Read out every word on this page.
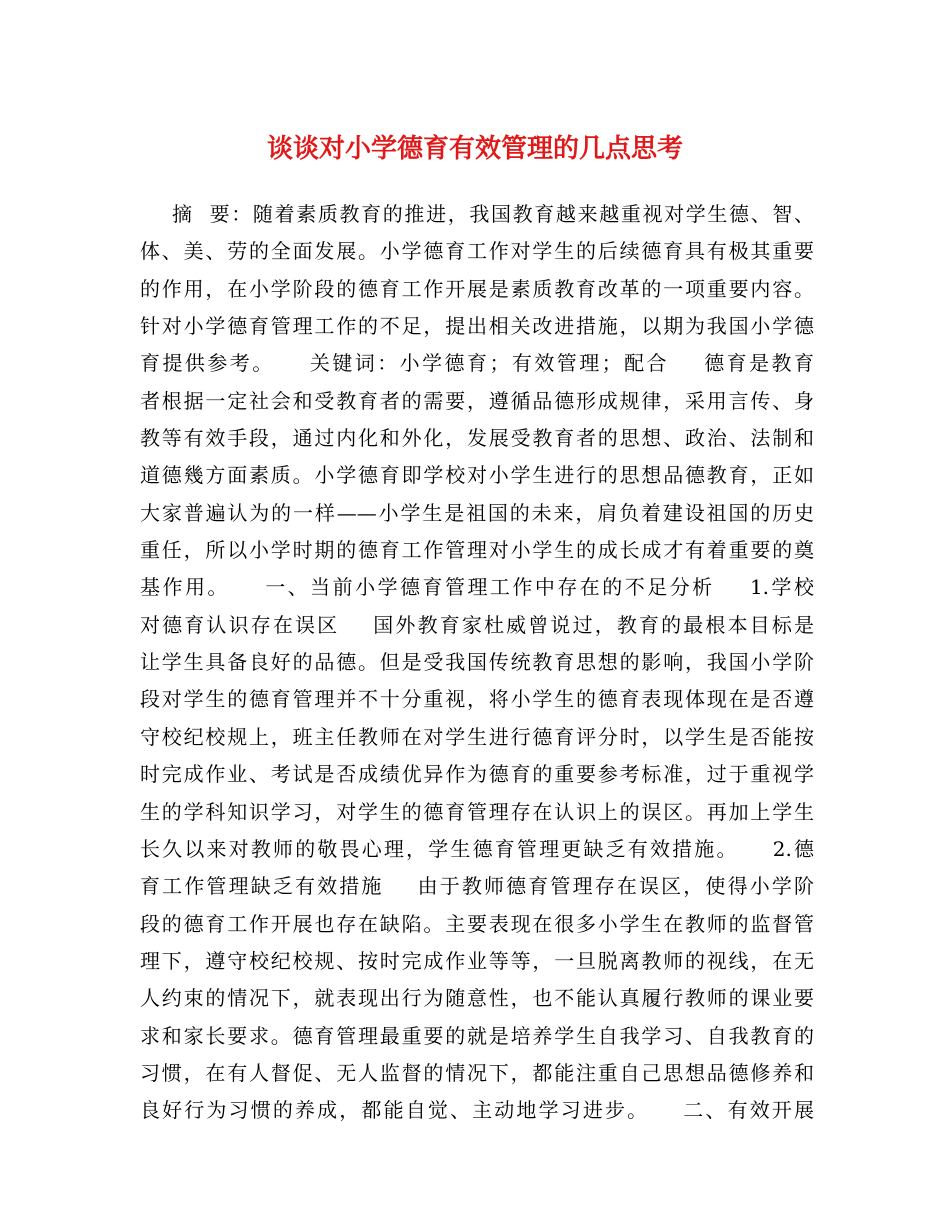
谈谈对小学德育有效管理的几点思考
摘  要：随着素质教育的推进，我国教育越来越重视对学生德、智、
体、美、劳的全面发展。小学德育工作对学生的后续德育具有极其重要
的作用，在小学阶段的德育工作开展是素质教育改革的一项重要内容。
针对小学德育管理工作的不足，提出相关改进措施，以期为我国小学德
育提供参考。    关键词：小学德育；有效管理；配合    德育是教育
者根据一定社会和受教育者的需要，遵循品德形成规律，采用言传、身
教等有效手段，通过内化和外化，发展受教育者的思想、政治、法制和
道德幾方面素质。小学德育即学校对小学生进行的思想品德教育，正如
大家普遍认为的一样——小学生是祖国的未来，肩负着建设祖国的历史
重任，所以小学时期的德育工作管理对小学生的成长成才有着重要的奠
基作用。    一、当前小学德育管理工作中存在的不足分析    1.学校
对德育认识存在误区    国外教育家杜威曾说过，教育的最根本目标是
让学生具备良好的品德。但是受我国传统教育思想的影响，我国小学阶
段对学生的德育管理并不十分重视，将小学生的德育表现体现在是否遵
守校纪校规上，班主任教师在对学生进行德育评分时，以学生是否能按
时完成作业、考试是否成绩优异作为德育的重要参考标准，过于重视学
生的学科知识学习，对学生的德育管理存在认识上的误区。再加上学生
长久以来对教师的敬畏心理，学生德育管理更缺乏有效措施。    2.德
育工作管理缺乏有效措施    由于教师德育管理存在误区，使得小学阶
段的德育工作开展也存在缺陷。主要表现在很多小学生在教师的监督管
理下，遵守校纪校规、按时完成作业等等，一旦脱离教师的视线，在无
人约束的情况下，就表现出行为随意性，也不能认真履行教师的课业要
求和家长要求。德育管理最重要的就是培养学生自我学习、自我教育的
习惯，在有人督促、无人监督的情况下，都能注重自己思想品德修养和
良好行为习惯的养成，都能自觉、主动地学习进步。    二、有效开展
